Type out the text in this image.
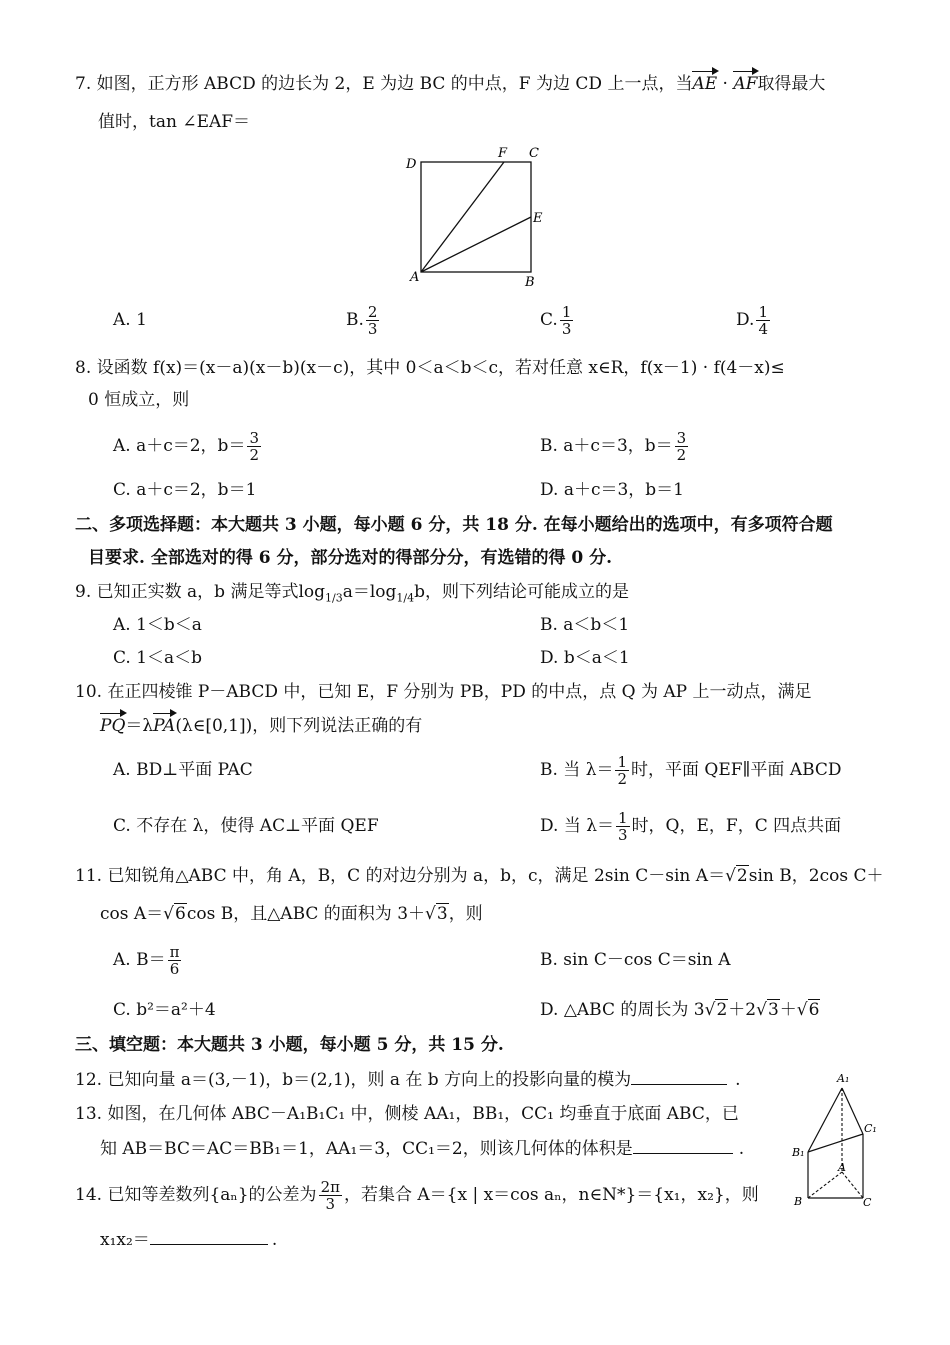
7. 如图，正方形 ABCD 的边长为 2，E 为边 BC 的中点，F 为边 CD 上一点，当AE · AF取得最大
值时，tan ∠EAF＝
D
F C
E
A	B
A. 1	B. $\frac{2}{3}$	C. $\frac{1}{3}$	D. $\frac{1}{4}$
8. 设函数 f(x)＝(x－a)(x－b)(x－c)，其中 0＜a＜b＜c，若对任意 x∈R，f(x－1) · f(4－x)≤
0 恒成立，则
A. a＋c＝2，$b= \frac{3}{2}$	B. a＋c＝3，$b= \frac{3}{2}$
C. a＋c＝2，b＝1	D. a＋c＝3，b＝1
二、多项选择题：本大题共 3 小题，每小题 6 分，共 18 分. 在每小题给出的选项中，有多项符合题
目要求. 全部选对的得 6 分，部分选对的得部分分，有选错的得 0 分.
9. 已知正实数 a，b 满足等式$\log_{1/3}a=\log_{1/4}b$，则下列结论可能成立的是
A. 1＜b＜a	B. a＜b＜1
C. 1＜a＜b	D. b＜a＜1
10. 在正四棱锥 P－ABCD 中，已知 E，F 分别为 PB，PD 的中点，点 Q 为 AP 上一动点，满足
PQ＝λPA(λ∈[0,1])，则下列说法正确的有
A. BD⊥平面 PAC	B. 当 $\lambda= \frac{1}{2}$ 时，平面 QEF∥平面 ABCD
C. 不存在 λ，使得 AC⊥平面 QEF	D. 当 $\lambda= \frac{1}{3}$ 时，Q，E，F，C 四点共面
11. 已知锐角△ABC 中，角 A，B，C 的对边分别为 a，b，c，满足 2sin C－sin A＝√2sin B，2cos C＋
cos A＝√6cos B，且△ABC 的面积为 3＋√3，则
A. $B= \frac{\pi}{6}$	B. sin C－cos C＝sin A
C. b²＝a²＋4	D. △ABC 的周长为 3√2＋2√3＋√6
三、填空题：本大题共 3 小题，每小题 5 分，共 15 分.
12. 已知向量 a＝(3,－1)，b＝(2,1)，则 a 在 b 方向上的投影向量的模为	.
13. 如图，在几何体 ABC－A₁B₁C₁ 中，侧棱 AA₁，BB₁，CC₁ 均垂直于底面 ABC，已
知 AB＝BC＝AC＝BB₁＝1，AA₁＝3，CC₁＝2，则该几何体的体积是	.
A₁
C₁
B₁
A
B	C
14. 已知等差数列{aₙ}的公差为 $\frac{2\pi}{3}$ ，若集合 A＝{x | x＝cos aₙ，n∈N*}＝{x₁，x₂}，则
x₁x₂＝	.
